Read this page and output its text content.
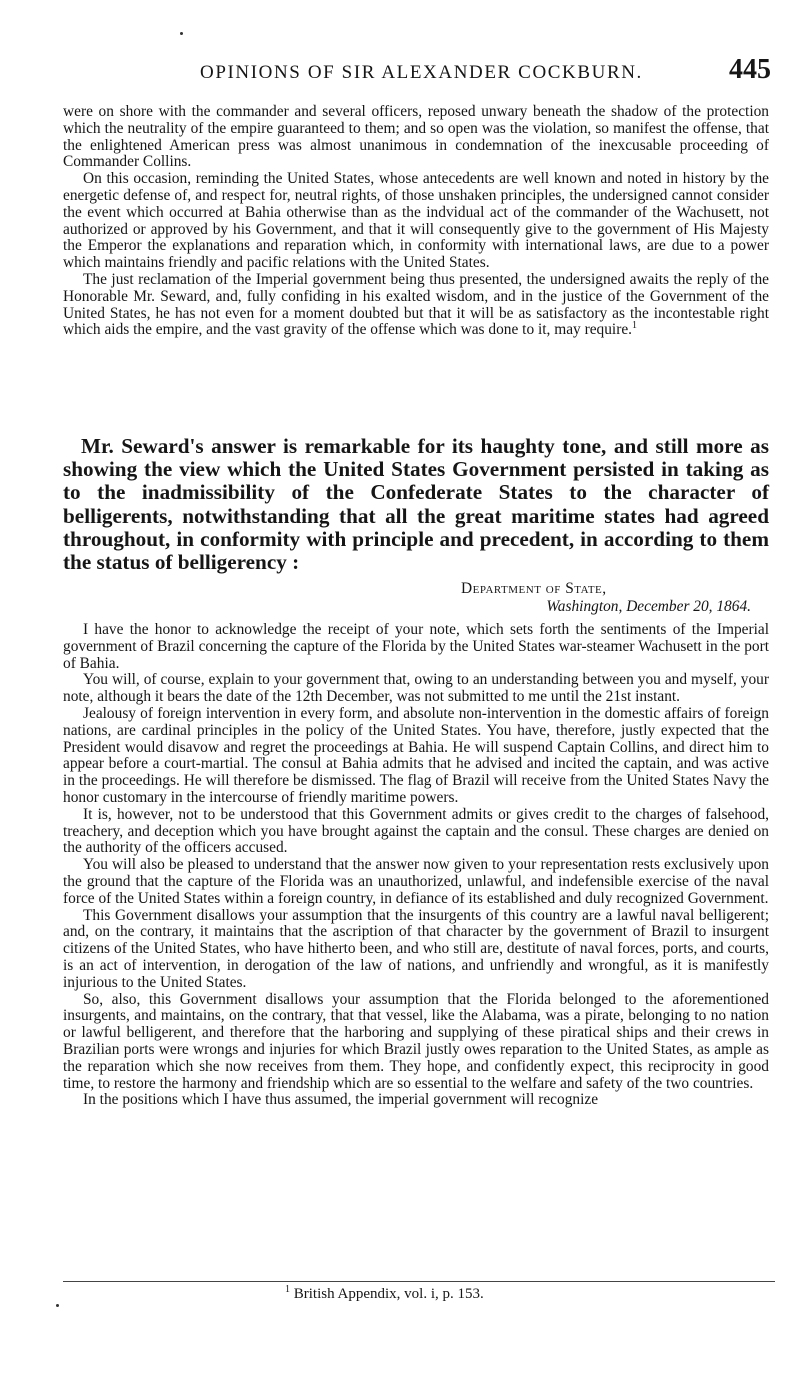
OPINIONS OF SIR ALEXANDER COCKBURN.	445

were on shore with the commander and several officers, reposed unwary beneath the shadow of the protection which the neutrality of the empire guaranteed to them; and so open was the violation, so manifest the offense, that the enlightened American press was almost unanimous in condemnation of the inexcusable proceeding of Commander Collins.

On this occasion, reminding the United States, whose antecedents are well known and noted in history by the energetic defense of, and respect for, neutral rights, of those unshaken principles, the undersigned cannot consider the event which occurred at Bahia otherwise than as the indvidual act of the commander of the Wachusett, not authorized or approved by his Government, and that it will consequently give to the government of His Majesty the Emperor the explanations and reparation which, in conformity with international laws, are due to a power which maintains friendly and pacific relations with the United States.

The just reclamation of the Imperial government being thus presented, the undersigned awaits the reply of the Honorable Mr. Seward, and, fully confiding in his exalted wisdom, and in the justice of the Government of the United States, he has not even for a moment doubted but that it will be as satisfactory as the incontestable right which aids the empire, and the vast gravity of the offense which was done to it, may require.$^1$

Mr. Seward's answer is remarkable for its haughty tone, and still more as showing the view which the United States Government persisted in taking as to the inadmissibility of the Confederate States to the character of belligerents, notwithstanding that all the great maritime states had agreed throughout, in conformity with principle and precedent, in according to them the status of belligerency :

Department of State,
Washington, December 20, 1864.

I have the honor to acknowledge the receipt of your note, which sets forth the sentiments of the Imperial government of Brazil concerning the capture of the Florida by the United States war-steamer Wachusett in the port of Bahia.

You will, of course, explain to your government that, owing to an understanding between you and myself, your note, although it bears the date of the 12th December, was not submitted to me until the 21st instant.

Jealousy of foreign intervention in every form, and absolute non-intervention in the domestic affairs of foreign nations, are cardinal principles in the policy of the United States. You have, therefore, justly expected that the President would disavow and regret the proceedings at Bahia. He will suspend Captain Collins, and direct him to appear before a court-martial. The consul at Bahia admits that he advised and incited the captain, and was active in the proceedings. He will therefore be dismissed. The flag of Brazil will receive from the United States Navy the honor customary in the intercourse of friendly maritime powers.

It is, however, not to be understood that this Government admits or gives credit to the charges of falsehood, treachery, and deception which you have brought against the captain and the consul. These charges are denied on the authority of the officers accused.

You will also be pleased to understand that the answer now given to your representation rests exclusively upon the ground that the capture of the Florida was an unauthorized, unlawful, and indefensible exercise of the naval force of the United States within a foreign country, in defiance of its established and duly recognized Government.

This Government disallows your assumption that the insurgents of this country are a lawful naval belligerent; and, on the contrary, it maintains that the ascription of that character by the government of Brazil to insurgent citizens of the United States, who have hitherto been, and who still are, destitute of naval forces, ports, and courts, is an act of intervention, in derogation of the law of nations, and unfriendly and wrongful, as it is manifestly injurious to the United States.

So, also, this Government disallows your assumption that the Florida belonged to the aforementioned insurgents, and maintains, on the contrary, that that vessel, like the Alabama, was a pirate, belonging to no nation or lawful belligerent, and therefore that the harboring and supplying of these piratical ships and their crews in Brazilian ports were wrongs and injuries for which Brazil justly owes reparation to the United States, as ample as the reparation which she now receives from them. They hope, and confidently expect, this reciprocity in good time, to restore the harmony and friendship which are so essential to the welfare and safety of the two countries.

In the positions which I have thus assumed, the imperial government will recognize

$^1$ British Appendix, vol. i, p. 153.
